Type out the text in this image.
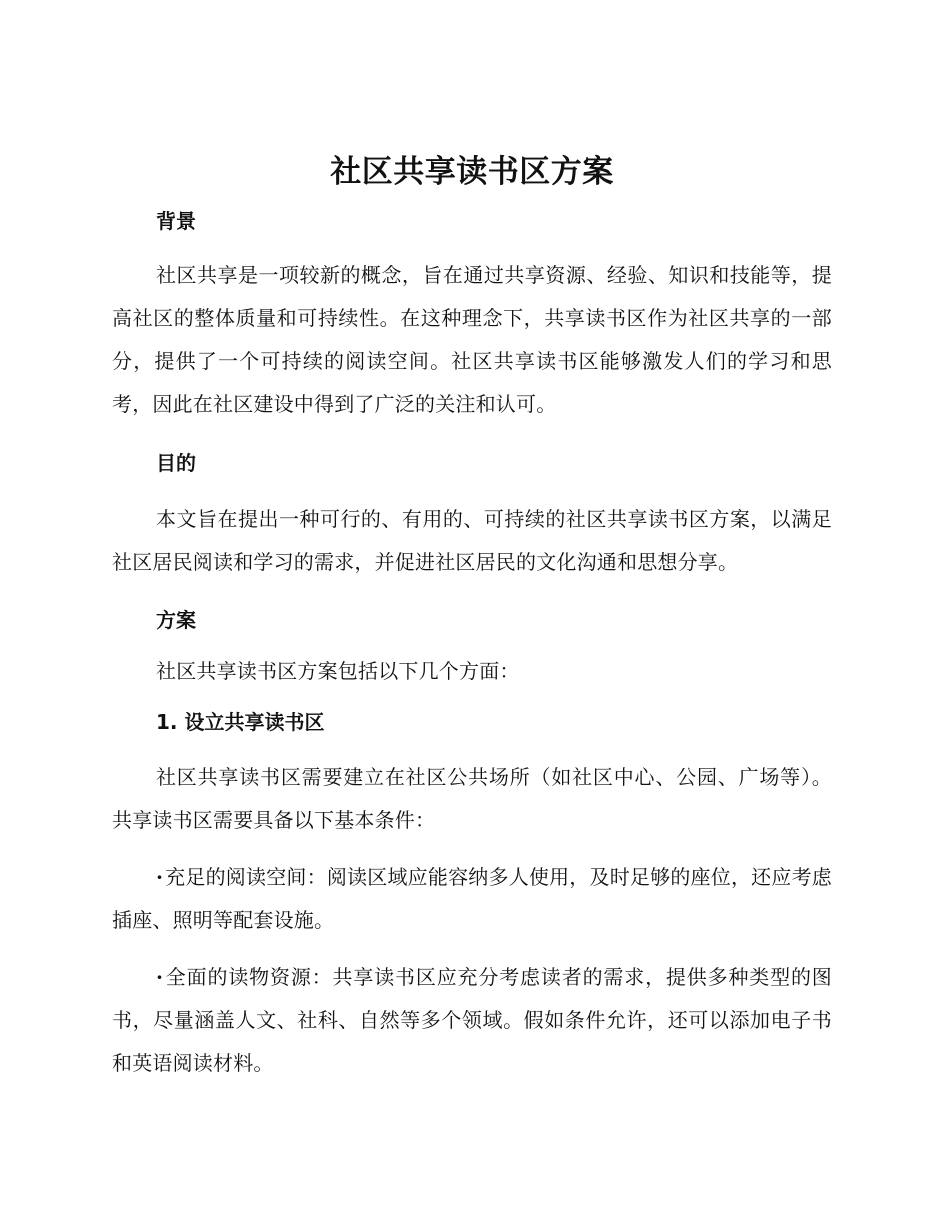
社区共享读书区方案
背景

社区共享是一项较新的概念，旨在通过共享资源、经验、知识和技能等，提高社区的整体质量和可持续性。在这种理念下，共享读书区作为社区共享的一部分，提供了一个可持续的阅读空间。社区共享读书区能够激发人们的学习和思考，因此在社区建设中得到了广泛的关注和认可。

目的

本文旨在提出一种可行的、有用的、可持续的社区共享读书区方案，以满足社区居民阅读和学习的需求，并促进社区居民的文化沟通和思想分享。

方案

社区共享读书区方案包括以下几个方面：

1. 设立共享读书区

社区共享读书区需要建立在社区公共场所（如社区中心、公园、广场等）。共享读书区需要具备以下基本条件：

· 充足的阅读空间：阅读区域应能容纳多人使用，及时足够的座位，还应考虑插座、照明等配套设施。

· 全面的读物资源：共享读书区应充分考虑读者的需求，提供多种类型的图书，尽量涵盖人文、社科、自然等多个领域。假如条件允许，还可以添加电子书和英语阅读材料。
